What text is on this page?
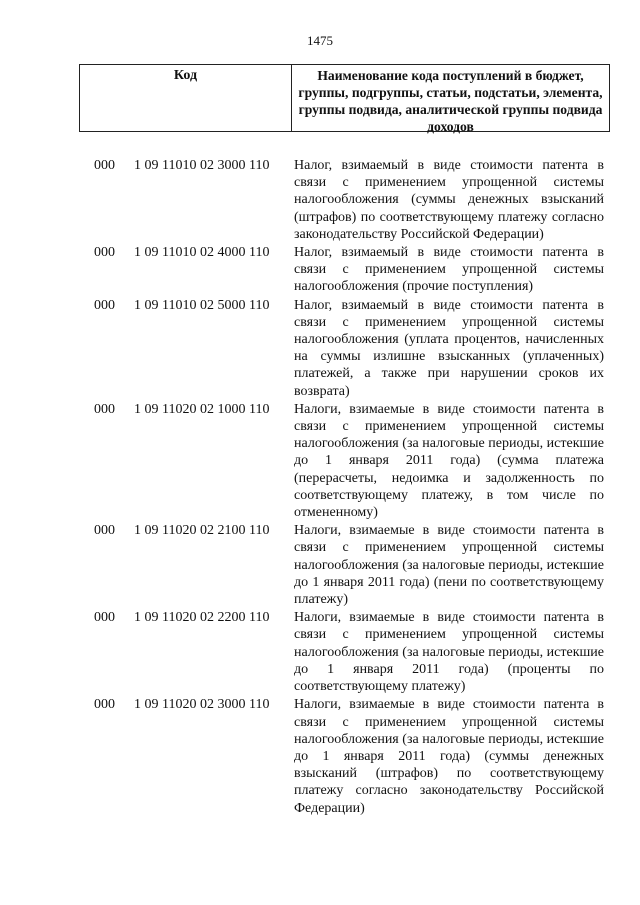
1475
Код	Наименование кода поступлений в бюджет, группы, подгруппы, статьи, подстатьи, элемента, группы подвида, аналитической группы подвида доходов
000	1 09 11010 02 3000 110	Налог, взимаемый в виде стоимости патента в связи с применением упрощенной системы налогообложения (суммы денежных взысканий (штрафов) по соответствующему платежу согласно законодательству Российской Федерации)
000	1 09 11010 02 4000 110	Налог, взимаемый в виде стоимости патента в связи с применением упрощенной системы налогообложения (прочие поступления)
000	1 09 11010 02 5000 110	Налог, взимаемый в виде стоимости патента в связи с применением упрощенной системы налогообложения (уплата процентов, начисленных на суммы излишне взысканных (уплаченных) платежей, а также при нарушении сроков их возврата)
000	1 09 11020 02 1000 110	Налоги, взимаемые в виде стоимости патента в связи с применением упрощенной системы налогообложения (за налоговые периоды, истекшие до 1 января 2011 года) (сумма платежа (перерасчеты, недоимка и задолженность по соответствующему платежу, в том числе по отмененному)
000	1 09 11020 02 2100 110	Налоги, взимаемые в виде стоимости патента в связи с применением упрощенной системы налогообложения (за налоговые периоды, истекшие до 1 января 2011 года) (пени по соответствующему платежу)
000	1 09 11020 02 2200 110	Налоги, взимаемые в виде стоимости патента в связи с применением упрощенной системы налогообложения (за налоговые периоды, истекшие до 1 января 2011 года) (проценты по соответствующему платежу)
000	1 09 11020 02 3000 110	Налоги, взимаемые в виде стоимости патента в связи с применением упрощенной системы налогообложения (за налоговые периоды, истекшие до 1 января 2011 года) (суммы денежных взысканий (штрафов) по соответствующему платежу согласно законодательству Российской Федерации)
